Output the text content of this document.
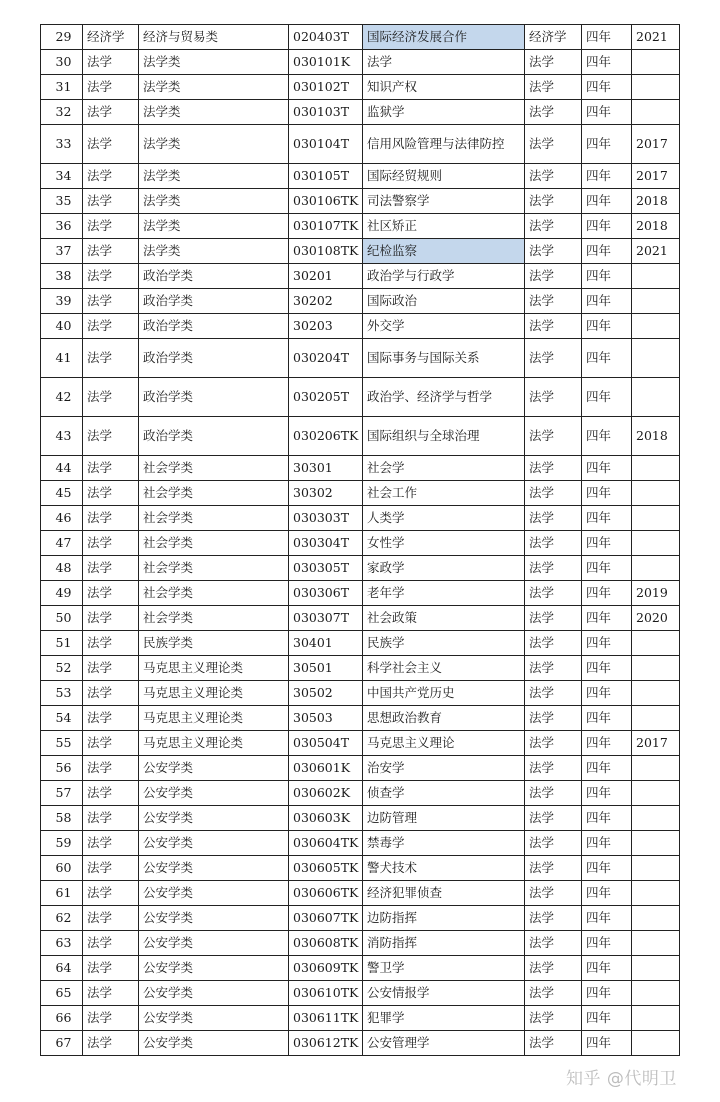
29	经济学	经济与贸易类	020403T	国际经济发展合作	经济学	四年	2021
30	法学	法学类	030101K	法学	法学	四年	
31	法学	法学类	030102T	知识产权	法学	四年	
32	法学	法学类	030103T	监狱学	法学	四年	
33	法学	法学类	030104T	信用风险管理与法律防控	法学	四年	2017
34	法学	法学类	030105T	国际经贸规则	法学	四年	2017
35	法学	法学类	030106TK	司法警察学	法学	四年	2018
36	法学	法学类	030107TK	社区矫正	法学	四年	2018
37	法学	法学类	030108TK	纪检监察	法学	四年	2021
38	法学	政治学类	30201	政治学与行政学	法学	四年	
39	法学	政治学类	30202	国际政治	法学	四年	
40	法学	政治学类	30203	外交学	法学	四年	
41	法学	政治学类	030204T	国际事务与国际关系	法学	四年	
42	法学	政治学类	030205T	政治学、经济学与哲学	法学	四年	
43	法学	政治学类	030206TK	国际组织与全球治理	法学	四年	2018
44	法学	社会学类	30301	社会学	法学	四年	
45	法学	社会学类	30302	社会工作	法学	四年	
46	法学	社会学类	030303T	人类学	法学	四年	
47	法学	社会学类	030304T	女性学	法学	四年	
48	法学	社会学类	030305T	家政学	法学	四年	
49	法学	社会学类	030306T	老年学	法学	四年	2019
50	法学	社会学类	030307T	社会政策	法学	四年	2020
51	法学	民族学类	30401	民族学	法学	四年	
52	法学	马克思主义理论类	30501	科学社会主义	法学	四年	
53	法学	马克思主义理论类	30502	中国共产党历史	法学	四年	
54	法学	马克思主义理论类	30503	思想政治教育	法学	四年	
55	法学	马克思主义理论类	030504T	马克思主义理论	法学	四年	2017
56	法学	公安学类	030601K	治安学	法学	四年	
57	法学	公安学类	030602K	侦查学	法学	四年	
58	法学	公安学类	030603K	边防管理	法学	四年	
59	法学	公安学类	030604TK	禁毒学	法学	四年	
60	法学	公安学类	030605TK	警犬技术	法学	四年	
61	法学	公安学类	030606TK	经济犯罪侦查	法学	四年	
62	法学	公安学类	030607TK	边防指挥	法学	四年	
63	法学	公安学类	030608TK	消防指挥	法学	四年	
64	法学	公安学类	030609TK	警卫学	法学	四年	
65	法学	公安学类	030610TK	公安情报学	法学	四年	
66	法学	公安学类	030611TK	犯罪学	法学	四年	
67	法学	公安学类	030612TK	公安管理学	法学	四年	
知乎 @代明卫
